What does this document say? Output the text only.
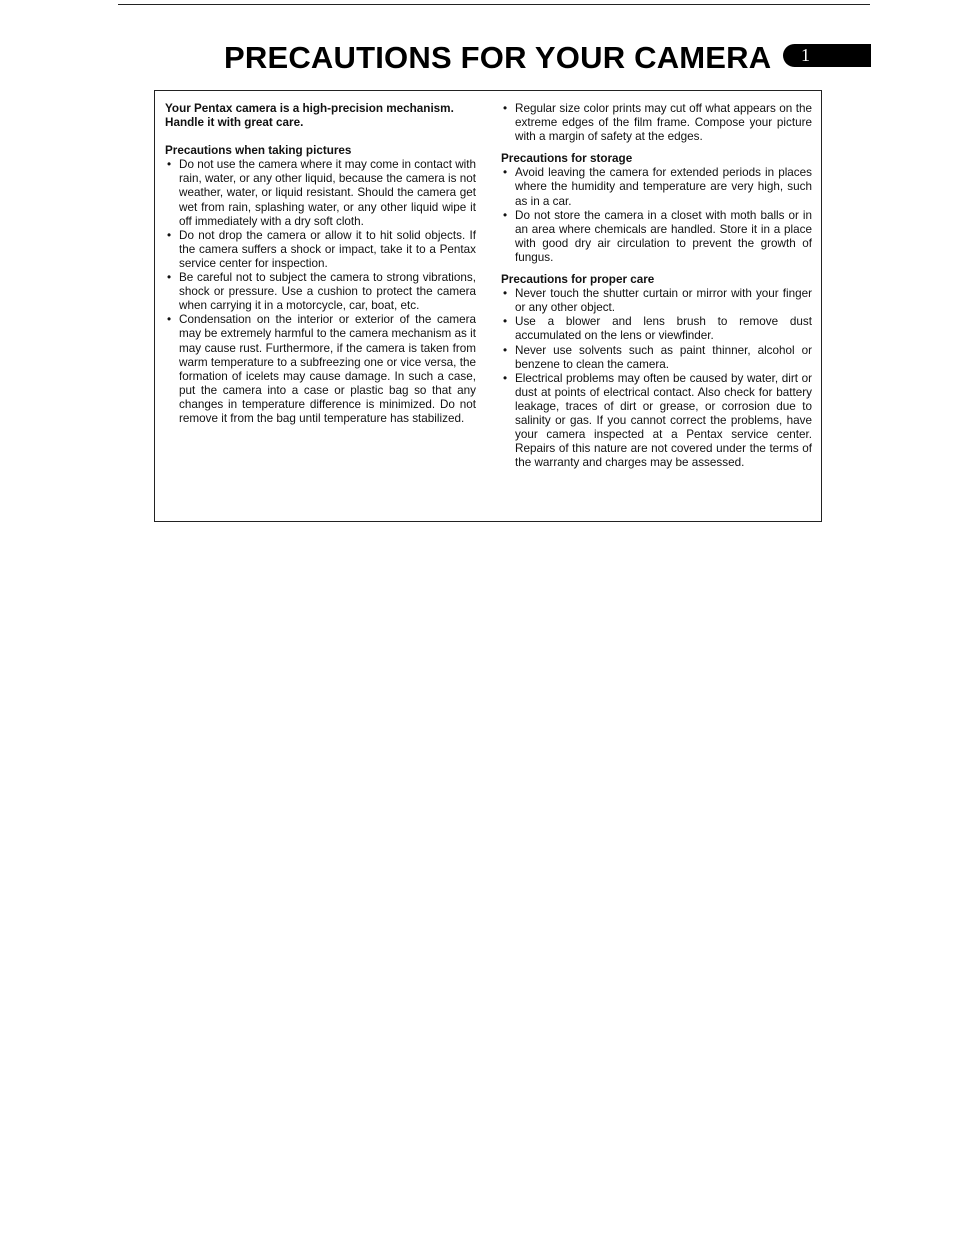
PRECAUTIONS FOR YOUR CAMERA 1

Your Pentax camera is a high-precision mechanism.
Handle it with great care.

Precautions when taking pictures

• Do not use the camera where it may come in contact with rain, water, or any other liquid, because the camera is not weather, water, or liquid resistant. Should the camera get wet from rain, splashing water, or any other liquid wipe it off immediately with a dry soft cloth.
• Do not drop the camera or allow it to hit solid objects. If the camera suffers a shock or impact, take it to a Pentax service center for inspection.
• Be careful not to subject the camera to strong vibrations, shock or pressure. Use a cushion to protect the camera when carrying it in a motorcycle, car, boat, etc.
• Condensation on the interior or exterior of the camera may be extremely harmful to the camera mechanism as it may cause rust. Furthermore, if the camera is taken from warm temperature to a subfreezing one or vice versa, the formation of icelets may cause damage. In such a case, put the camera into a case or plastic bag so that any changes in temperature difference is minimized. Do not remove it from the bag until temperature has stabilized.
• Regular size color prints may cut off what appears on the extreme edges of the film frame. Compose your picture with a margin of safety at the edges.

Precautions for storage

• Avoid leaving the camera for extended periods in places where the humidity and temperature are very high, such as in a car.
• Do not store the camera in a closet with moth balls or in an area where chemicals are handled. Store it in a place with good dry air circulation to prevent the growth of fungus.

Precautions for proper care

• Never touch the shutter curtain or mirror with your finger or any other object.
• Use a blower and lens brush to remove dust accumulated on the lens or viewfinder.
• Never use solvents such as paint thinner, alcohol or benzene to clean the camera.
• Electrical problems may often be caused by water, dirt or dust at points of electrical contact. Also check for battery leakage, traces of dirt or grease, or corrosion due to salinity or gas. If you cannot correct the problems, have your camera inspected at a Pentax service center. Repairs of this nature are not covered under the terms of the warranty and charges may be assessed.
